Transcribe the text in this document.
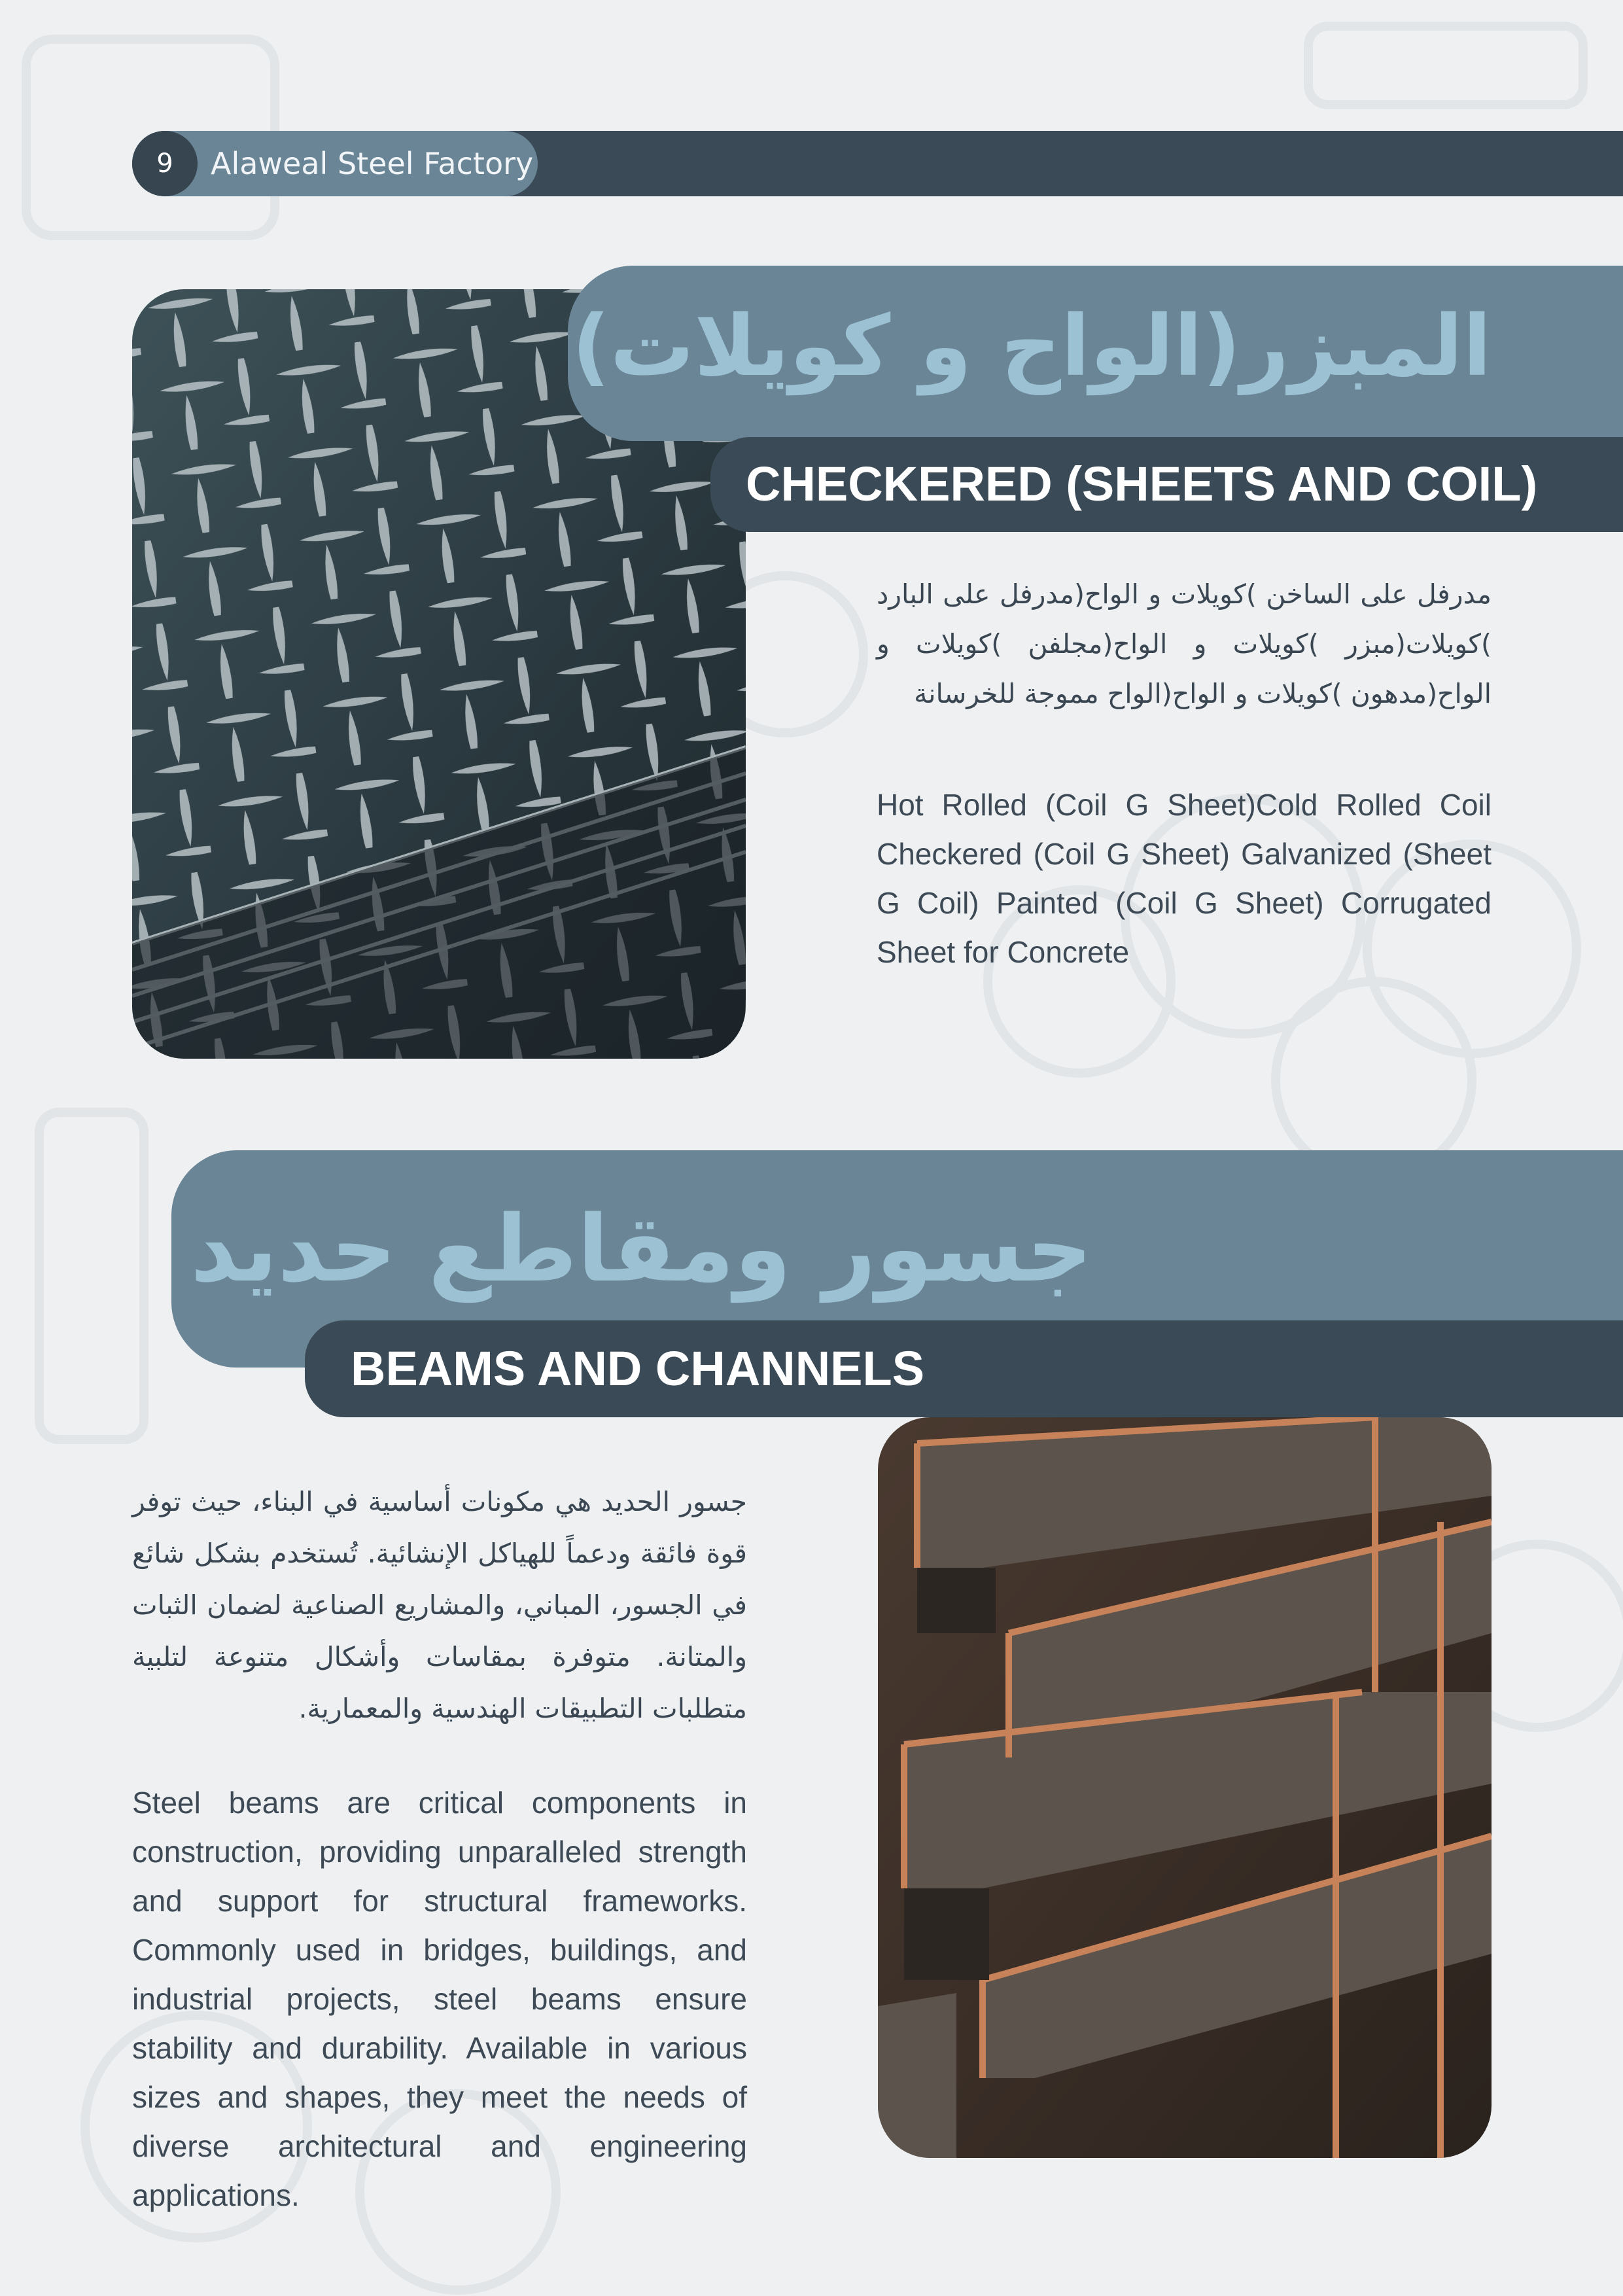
9	Alaweal Steel Factory
المبزر(الواح و كويلات)
CHECKERED (SHEETS AND COIL)

مدرفل على الساخن )كويلات و الواح(مدرفل على البارد )كويلات(مبزر )كويلات و الواح(مجلفن )كويلات و الواح(مدهون )كويلات و الواح(الواح مموجة للخرسانة

Hot Rolled (Coil G Sheet)Cold Rolled Coil Checkered (Coil G Sheet) Galvanized (Sheet G Coil) Painted (Coil G Sheet) Corrugated Sheet for Concrete

جسور ومقاطع حديد
BEAMS AND CHANNELS

جسور الحديد هي مكونات أساسية في البناء، حيث توفر قوة فائقة ودعماً للهياكل الإنشائية. تُستخدم بشكل شائع في الجسور، المباني، والمشاريع الصناعية لضمان الثبات والمتانة. متوفرة بمقاسات وأشكال متنوعة لتلبية متطلبات التطبيقات الهندسية والمعمارية.

Steel beams are critical components in construction, providing unparalleled strength and support for structural frameworks. Commonly used in bridges, buildings, and industrial projects, steel beams ensure stability and durability. Available in various sizes and shapes, they meet the needs of diverse architectural and engineering applications.
